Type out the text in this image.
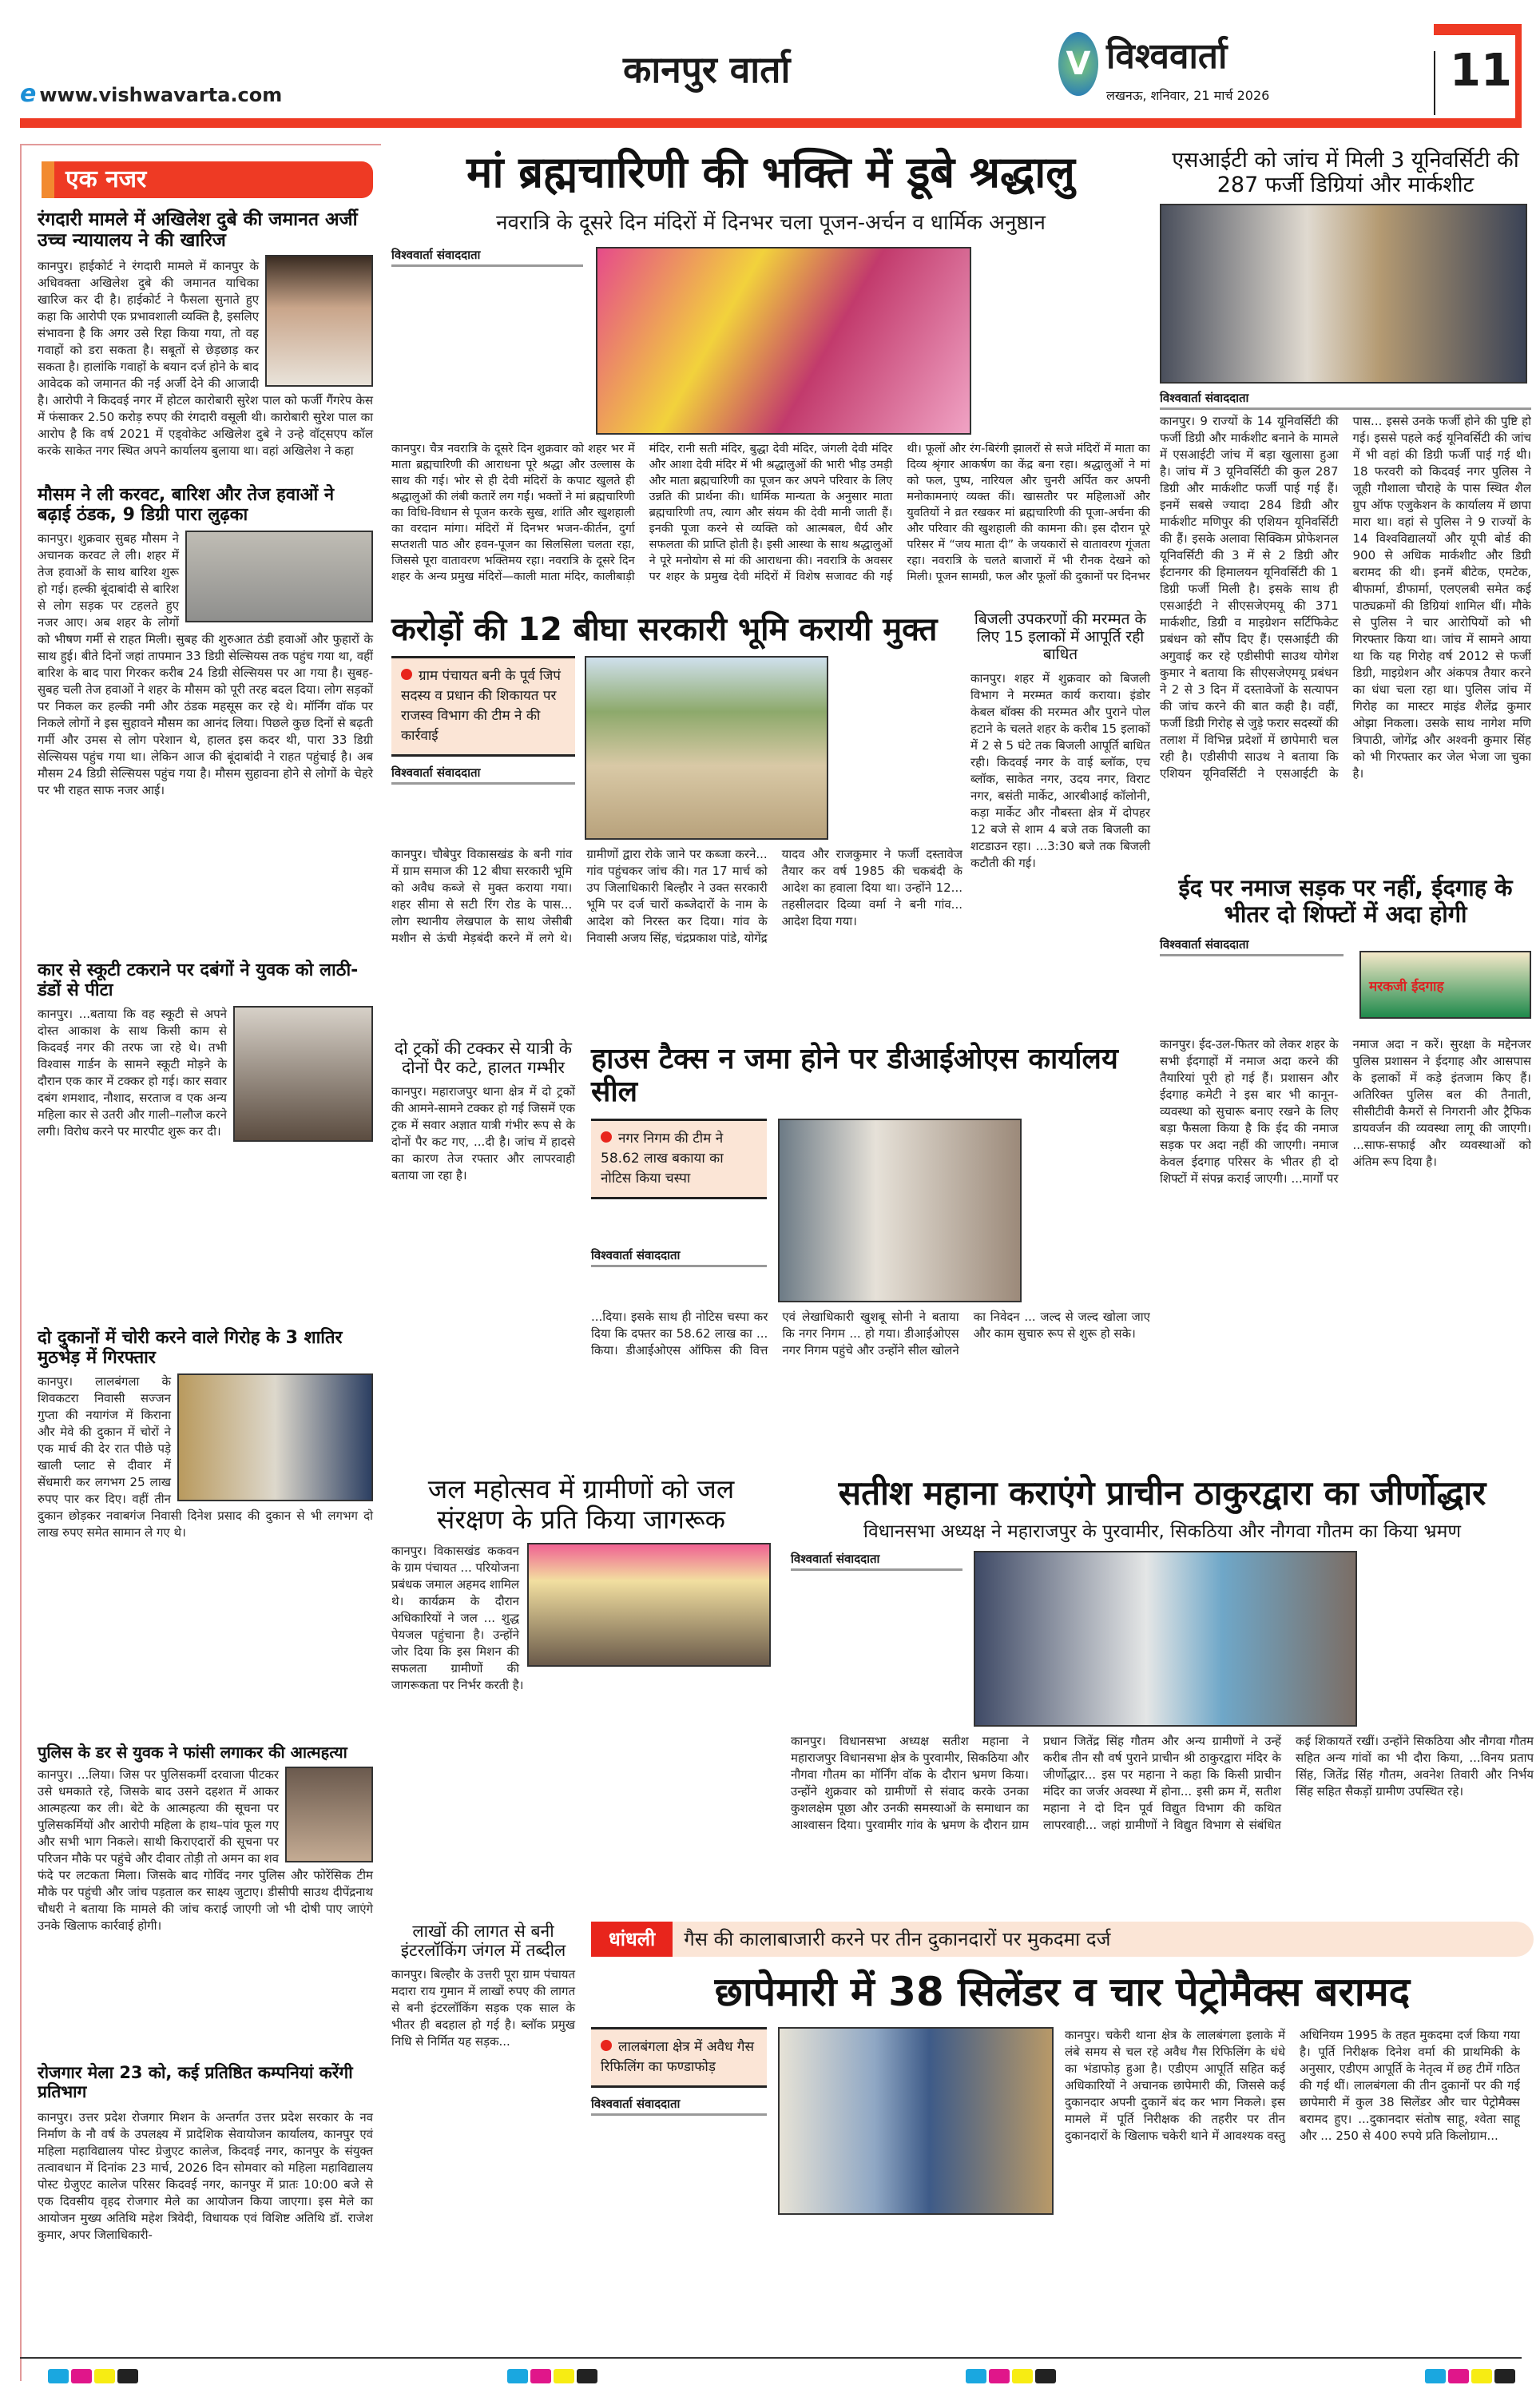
e www.vishwavarta.com
कानपुर वार्ता	V विश्ववार्ता
लखनऊ, शनिवार, 21 मार्च 2026	11
एक नजर
रंगदारी मामले में अखिलेश दुबे की जमानत अर्जी उच्च न्यायालय ने की खारिज
कानपुर। हाईकोर्ट ने रंगदारी मामले में कानपुर के अधिवक्ता अखिलेश दुबे की जमानत याचिका खारिज कर दी है। हाईकोर्ट ने फैसला सुनाते हुए कहा कि आरोपी एक प्रभावशाली व्यक्ति है, इसलिए संभावना है कि अगर उसे रिहा किया गया, तो वह गवाहों को डरा सकता है। सबूतों से छेड़छाड़ कर सकता है। हालांकि गवाहों के बयान दर्ज होने के बाद आवेदक को जमानत की नई अर्जी देने की आजादी है। आरोपी ने किदवई नगर में होटल कारोबारी सुरेश पाल को फर्जी गैंगरेप केस में फंसाकर 2.50 करोड़ रुपए की रंगदारी वसूली थी। कारोबारी सुरेश पाल का आरोप है कि वर्ष 2021 में एड्वोकेट अखिलेश दुबे ने उन्हे वॉट्सएप कॉल करके साकेत नगर स्थित अपने कार्यालय बुलाया था। वहां अखिलेश ने कहा
मौसम ने ली करवट, बारिश और तेज हवाओं ने बढ़ाई ठंडक, 9 डिग्री पारा लुढ़का
कानपुर। शुक्रवार सुबह मौसम ने अचानक करवट ले ली। शहर में तेज हवाओं के साथ बारिश शुरू हो गई। हल्की बूंदाबांदी से बारिश से लोग सड़क पर टहलते हुए नजर आए। अब शहर के लोगों को भीषण गर्मी से राहत मिली। सुबह की शुरुआत ठंडी हवाओं और फुहारों के साथ हुई। बीते दिनों जहां तापमान 33 डिग्री सेल्सियस तक पहुंच गया था, वहीं बारिश के बाद पारा गिरकर करीब 24 डिग्री सेल्सियस पर आ गया है। सुबह-सुबह चली तेज हवाओं ने शहर के मौसम को पूरी तरह बदल दिया। लोग सड़कों पर निकल कर हल्की नमी और ठंडक महसूस कर रहे थे। मॉर्निंग वॉक पर निकले लोगों ने इस सुहावने मौसम का आनंद लिया। पिछले कुछ दिनों से बढ़ती गर्मी और उमस से लोग परेशान थे, हालत इस कदर थी, पारा 33 डिग्री सेल्सियस पहुंच गया था। लेकिन आज की बूंदाबांदी ने राहत पहुंचाई है। अब मौसम 24 डिग्री सेल्सियस पहुंच गया है। मौसम सुहावना होने से लोगों के चेहरे पर भी राहत साफ नजर आई।
कार से स्कूटी टकराने पर दबंगों ने युवक को लाठी-डंडों से पीटा
कानपुर। ...बताया कि वह स्कूटी से अपने दोस्त आकाश के साथ किसी काम से किदवई नगर की तरफ जा रहे थे। तभी विश्वास गार्डन के सामने स्कूटी मोड़ने के दौरान एक कार में टक्कर हो गई। कार सवार दबंग शमशाद, नौशाद, सरताज व एक अन्य महिला कार से उतरी और गाली–गलौज करने लगी। विरोध करने पर मारपीट शुरू कर दी।
दो दुकानों में चोरी करने वाले गिरोह के 3 शातिर मुठभेड़ में गिरफ्तार
कानपुर। लालबंगला के शिवकटरा निवासी सज्जन गुप्ता की नयागंज में किराना और मेवे की दुकान में चोरों ने एक मार्च की देर रात पीछे पड़े खाली प्लाट से दीवार में सेंधमारी कर लगभग 25 लाख रुपए पार कर दिए। वहीं तीन दुकान छोड़कर नवाबगंज निवासी दिनेश प्रसाद की दुकान से भी लगभग दो लाख रुपए समेत सामान ले गए थे।
पुलिस के डर से युवक ने फांसी लगाकर की आत्महत्या
कानपुर। ...लिया। जिस पर पुलिसकर्मी दरवाजा पीटकर उसे धमकाते रहे, जिसके बाद उसने दहशत में आकर आत्महत्या कर ली। बेटे के आत्महत्या की सूचना पर पुलिसकर्मियों और आरोपी महिला के हाथ–पांव फूल गए और सभी भाग निकले। साथी किराएदारों की सूचना पर परिजन मौके पर पहुंचे और दीवार तोड़ी तो अमन का शव फंदे पर लटकता मिला। जिसके बाद गोविंद नगर पुलिस और फोरेंसिक टीम मौके पर पहुंची और जांच पड़ताल कर साक्ष्य जुटाए। डीसीपी साउथ दीपेंद्रनाथ चौधरी ने बताया कि मामले की जांच कराई जाएगी जो भी दोषी पाए जाएंगे उनके खिलाफ कार्रवाई होगी।
रोजगार मेला 23 को, कई प्रतिष्ठित कम्पनियां करेंगी प्रतिभाग
कानपुर। उत्तर प्रदेश रोजगार मिशन के अन्तर्गत उत्तर प्रदेश सरकार के नव निर्माण के नौ वर्ष के उपलक्ष्य में प्रादेशिक सेवायोजन कार्यालय, कानपुर एवं महिला महाविद्यालय पोस्ट ग्रेजुएट कालेज, किदवई नगर, कानपुर के संयुक्त तत्वावधान में दिनांक 23 मार्च, 2026 दिन सोमवार को महिला महाविद्यालय पोस्ट ग्रेजुएट कालेज परिसर किदवई नगर, कानपुर में प्रातः 10:00 बजे से एक दिवसीय वृहद रोजगार मेले का आयोजन किया जाएगा। इस मेले का आयोजन मुख्य अतिथि महेश त्रिवेदी, विधायक एवं विशिष्ट अतिथि डॉ. राजेश कुमार, अपर जिलाधिकारी-
मां ब्रह्मचारिणी की भक्ति में डूबे श्रद्धालु
नवरात्रि के दूसरे दिन मंदिरों में दिनभर चला पूजन-अर्चन व धार्मिक अनुष्ठान
विश्ववार्ता संवाददाता
कानपुर। चैत्र नवरात्रि के दूसरे दिन शुक्रवार को शहर भर में माता ब्रह्मचारिणी की आराधना पूरे श्रद्धा और उल्लास के साथ की गई। भोर से ही देवी मंदिरों के कपाट खुलते ही श्रद्धालुओं की लंबी कतारें लग गईं। भक्तों ने मां ब्रह्मचारिणी का विधि-विधान से पूजन करके सुख, शांति और खुशहाली का वरदान मांगा। मंदिरों में दिनभर भजन-कीर्तन, दुर्गा सप्तशती पाठ और हवन-पूजन का सिलसिला चलता रहा, जिससे पूरा वातावरण भक्तिमय रहा। नवरात्रि के दूसरे दिन शहर के अन्य प्रमुख मंदिरों—काली माता मंदिर, कालीबाड़ी मंदिर, रानी सती मंदिर, बुद्धा देवी मंदिर, जंगली देवी मंदिर और आशा देवी मंदिर में भी श्रद्धालुओं की भारी भीड़ उमड़ी और माता ब्रह्मचारिणी का पूजन कर अपने परिवार के लिए उन्नति की प्रार्थना की। धार्मिक मान्यता के अनुसार माता ब्रह्मचारिणी तप, त्याग और संयम की देवी मानी जाती हैं। इनकी पूजा करने से व्यक्ति को आत्मबल, धैर्य और सफलता की प्राप्ति होती है। इसी आस्था के साथ श्रद्धालुओं ने पूरे मनोयोग से मां की आराधना की। नवरात्रि के अवसर पर शहर के प्रमुख देवी मंदिरों में विशेष सजावट की गई थी। फूलों और रंग-बिरंगी झालरों से सजे मंदिरों में माता का दिव्य श्रृंगार आकर्षण का केंद्र बना रहा। श्रद्धालुओं ने मां को फल, पुष्प, नारियल और चुनरी अर्पित कर अपनी मनोकामनाएं व्यक्त कीं। खासतौर पर महिलाओं और युवतियों ने व्रत रखकर मां ब्रह्मचारिणी की पूजा-अर्चना की और परिवार की खुशहाली की कामना की। इस दौरान पूरे परिसर में “जय माता दी” के जयकारों से वातावरण गूंजता रहा। नवरात्रि के चलते बाजारों में भी रौनक देखने को मिली। पूजन सामग्री, फल और फूलों की दुकानों पर दिनभर
एसआईटी को जांच में मिली 3 यूनिवर्सिटी की 287 फर्जी डिग्रियां और मार्कशीट
विश्ववार्ता संवाददाता
कानपुर। 9 राज्यों के 14 यूनिवर्सिटी की फर्जी डिग्री और मार्कशीट बनाने के मामले में एसआईटी जांच में बड़ा खुलासा हुआ है। जांच में 3 यूनिवर्सिटी की कुल 287 डिग्री और मार्कशीट फर्जी पाई गई हैं। इनमें सबसे ज्यादा 284 डिग्री और मार्कशीट मणिपुर की एशियन यूनिवर्सिटी की हैं। इसके अलावा सिक्किम प्रोफेशनल यूनिवर्सिटी की 3 में से 2 डिग्री और ईटानगर की हिमालयन यूनिवर्सिटी की 1 डिग्री फर्जी मिली है। इसके साथ ही एसआईटी ने सीएसजेएमयू की 371 मार्कशीट, डिग्री व माइग्रेशन सर्टिफिकेट प्रबंधन को सौंप दिए हैं। एसआईटी की अगुवाई कर रहे एडीसीपी साउथ योगेश कुमार ने बताया कि सीएसजेएमयू प्रबंधन ने 2 से 3 दिन में दस्तावेजों के सत्यापन की जांच करने की बात कही है। वहीं, फर्जी डिग्री गिरोह से जुड़े फरार सदस्यों की तलाश में विभिन्न प्रदेशों में छापेमारी चल रही है। एडीसीपी साउथ ने बताया कि एशियन यूनिवर्सिटी ने एसआईटी के पास... इससे उनके फर्जी होने की पुष्टि हो गई। इससे पहले कई यूनिवर्सिटी की जांच में भी वहां की डिग्री फर्जी पाई गई थी। 18 फरवरी को किदवई नगर पुलिस ने जूही गौशाला चौराहे के पास स्थित शैल ग्रुप ऑफ एजुकेशन के कार्यालय में छापा मारा था। वहां से पुलिस ने 9 राज्यों के 14 विश्वविद्यालयों और यूपी बोर्ड की 900 से अधिक मार्कशीट और डिग्री बरामद की थी। इनमें बीटेक, एमटेक, बीफार्मा, डीफार्मा, एलएलबी समेत कई पाठ्यक्रमों की डिग्रियां शामिल थीं। मौके से पुलिस ने चार आरोपियों को भी गिरफ्तार किया था। जांच में सामने आया था कि यह गिरोह वर्ष 2012 से फर्जी डिग्री, माइग्रेशन और अंकपत्र तैयार करने का धंधा चला रहा था। पुलिस जांच में गिरोह का मास्टर माइंड शैलेंद्र कुमार ओझा निकला। उसके साथ नागेश मणि त्रिपाठी, जोगेंद्र और अश्वनी कुमार सिंह को भी गिरफ्तार कर जेल भेजा जा चुका है।
करोड़ों की 12 बीघा सरकारी भूमि करायी मुक्त
ग्राम पंचायत बनी के पूर्व जिपं सदस्य व प्रधान की शिकायत पर राजस्व विभाग की टीम ने की कार्रवाई
विश्ववार्ता संवाददाता
कानपुर। चौबेपुर विकासखंड के बनी गांव में ग्राम समाज की 12 बीघा सरकारी भूमि को अवैध कब्जे से मुक्त कराया गया। शहर सीमा से सटी रिंग रोड के पास... लोग स्थानीय लेखपाल के साथ जेसीबी मशीन से ऊंची मेड़बंदी करने में लगे थे। ग्रामीणों द्वारा रोके जाने पर कब्जा करने... गांव पहुंचकर जांच की। गत 17 मार्च को उप जिलाधिकारी बिल्हौर ने उक्त सरकारी भूमि पर दर्ज चारों कब्जेदारों के नाम के आदेश को निरस्त कर दिया। गांव के निवासी अजय सिंह, चंद्रप्रकाश पांडे, योगेंद्र यादव और राजकुमार ने फर्जी दस्तावेज तैयार कर वर्ष 1985 की चकबंदी के आदेश का हवाला दिया था। उन्होंने 12... तहसीलदार दिव्या वर्मा ने बनी गांव... आदेश दिया गया।
बिजली उपकरणों की मरम्मत के लिए 15 इलाकों में आपूर्ति रही बाधित
कानपुर। शहर में शुक्रवार को बिजली विभाग ने मरम्मत कार्य कराया। इंडोर केबल बॉक्स की मरम्मत और पुराने पोल हटाने के चलते शहर के करीब 15 इलाकों में 2 से 5 घंटे तक बिजली आपूर्ति बाधित रही। किदवई नगर के वाई ब्लॉक, एच ब्लॉक, साकेत नगर, उदय नगर, विराट नगर, बसंती मार्केट, आरबीआई कॉलोनी, कड़ा मार्केट और नौबस्ता क्षेत्र में दोपहर 12 बजे से शाम 4 बजे तक बिजली का शटडाउन रहा। ...3:30 बजे तक बिजली कटौती की गई।
ईद पर नमाज सड़क पर नहीं, ईदगाह के भीतर दो शिफ्टों में अदा होगी
विश्ववार्ता संवाददाता
मरकजी ईदगाह
कानपुर। ईद-उल-फितर को लेकर शहर के सभी ईदगाहों में नमाज अदा करने की तैयारियां पूरी हो गई हैं। प्रशासन और ईदगाह कमेटी ने इस बार भी कानून-व्यवस्था को सुचारू बनाए रखने के लिए बड़ा फैसला किया है कि ईद की नमाज सड़क पर अदा नहीं की जाएगी। नमाज केवल ईदगाह परिसर के भीतर ही दो शिफ्टों में संपन्न कराई जाएगी। ...मार्गों पर नमाज अदा न करें। सुरक्षा के मद्देनजर पुलिस प्रशासन ने ईदगाह और आसपास के इलाकों में कड़े इंतजाम किए हैं। अतिरिक्त पुलिस बल की तैनाती, सीसीटीवी कैमरों से निगरानी और ट्रैफिक डायवर्जन की व्यवस्था लागू की जाएगी। ...साफ-सफाई और व्यवस्थाओं को अंतिम रूप दिया है।
दो ट्रकों की टक्कर से यात्री के दोनों पैर कटे, हालत गम्भीर
कानपुर। महाराजपुर थाना क्षेत्र में दो ट्रकों की आमने-सामने टक्कर हो गई जिसमें एक ट्रक में सवार अज्ञात यात्री गंभीर रूप से के दोनों पैर कट गए, ...दी है। जांच में हादसे का कारण तेज रफ्तार और लापरवाही बताया जा रहा है।
हाउस टैक्स न जमा होने पर डीआईओएस कार्यालय सील
नगर निगम की टीम ने 58.62 लाख बकाया का नोटिस किया चस्पा
विश्ववार्ता संवाददाता
...दिया। इसके साथ ही नोटिस चस्पा कर दिया कि दफ्तर का 58.62 लाख का ... किया। डीआईओएस ऑफिस की वित्त एवं लेखाधिकारी खुशबू सोनी ने बताया कि नगर निगम ... हो गया। डीआईओएस नगर निगम पहुंचे और उन्होंने सील खोलने का निवेदन ... जल्द से जल्द खोला जाए और काम सुचारु रूप से शुरू हो सके।
जल महोत्सव में ग्रामीणों को जल संरक्षण के प्रति किया जागरूक
कानपुर। विकासखंड ककवन के ग्राम पंचायत ... परियोजना प्रबंधक जमाल अहमद शामिल थे। कार्यक्रम के दौरान अधिकारियों ने जल ... शुद्ध पेयजल पहुंचाना है। उन्होंने जोर दिया कि इस मिशन की सफलता ग्रामीणों की जागरूकता पर निर्भर करती है।
सतीश महाना कराएंगे प्राचीन ठाकुरद्वारा का जीर्णोद्धार
विधानसभा अध्यक्ष ने महाराजपुर के पुरवामीर, सिकठिया और नौगवा गौतम का किया भ्रमण
विश्ववार्ता संवाददाता
कानपुर। विधानसभा अध्यक्ष सतीश महाना ने महाराजपुर विधानसभा क्षेत्र के पुरवामीर, सिकठिया और नौगवा गौतम का मॉर्निंग वॉक के दौरान भ्रमण किया। उन्होंने शुक्रवार को ग्रामीणों से संवाद करके उनका कुशलक्षेम पूछा और उनकी समस्याओं के समाधान का आश्वासन दिया। पुरवामीर गांव के भ्रमण के दौरान ग्राम प्रधान जितेंद्र सिंह गौतम और अन्य ग्रामीणों ने उन्हें करीब तीन सौ वर्ष पुराने प्राचीन श्री ठाकुरद्वारा मंदिर के जीर्णोद्धार... इस पर महाना ने कहा कि किसी प्राचीन मंदिर का जर्जर अवस्था में होना... इसी क्रम में, सतीश महाना ने दो दिन पूर्व विद्युत विभाग की कथित लापरवाही... जहां ग्रामीणों ने विद्युत विभाग से संबंधित कई शिकायतें रखीं। उन्होंने सिकठिया और नौगवा गौतम सहित अन्य गांवों का भी दौरा किया, ...विनय प्रताप सिंह, जितेंद्र सिंह गौतम, अवनेश तिवारी और निर्भय सिंह सहित सैकड़ों ग्रामीण उपस्थित रहे।
लाखों की लागत से बनी इंटरलॉकिंग जंगल में तब्दील
कानपुर। बिल्हौर के उत्तरी पूरा ग्राम पंचायत मदारा राय गुमान में लाखों रुपए की लागत से बनी इंटरलॉकिंग सड़क एक साल के भीतर ही बदहाल हो गई है। ब्लॉक प्रमुख निधि से निर्मित यह सड़क...
धांधली	गैस की कालाबाजारी करने पर तीन दुकानदारों पर मुकदमा दर्ज
छापेमारी में 38 सिलेंडर व चार पेट्रोमैक्स बरामद
लालबंगला क्षेत्र में अवैध गैस रिफिलिंग का फण्डाफोड़
विश्ववार्ता संवाददाता
कानपुर। चकेरी थाना क्षेत्र के लालबंगला इलाके में लंबे समय से चल रहे अवैध गैस रिफिलिंग के धंधे का भंडाफोड़ हुआ है। एडीएम आपूर्ति सहित कई अधिकारियों ने अचानक छापेमारी की, जिससे कई दुकानदार अपनी दुकानें बंद कर भाग निकले। इस मामले में पूर्ति निरीक्षक की तहरीर पर तीन दुकानदारों के खिलाफ चकेरी थाने में आवश्यक वस्तु अधिनियम 1995 के तहत मुकदमा दर्ज किया गया है। पूर्ति निरीक्षक दिनेश वर्मा की प्राथमिकी के अनुसार, एडीएम आपूर्ति के नेतृत्व में छह टीमें गठित की गई थीं। लालबंगला की तीन दुकानों पर की गई छापेमारी में कुल 38 सिलेंडर और चार पेट्रोमैक्स बरामद हुए। ...दुकानदार संतोष साहू, श्वेता साहू और ... 250 से 400 रुपये प्रति किलोग्राम...
